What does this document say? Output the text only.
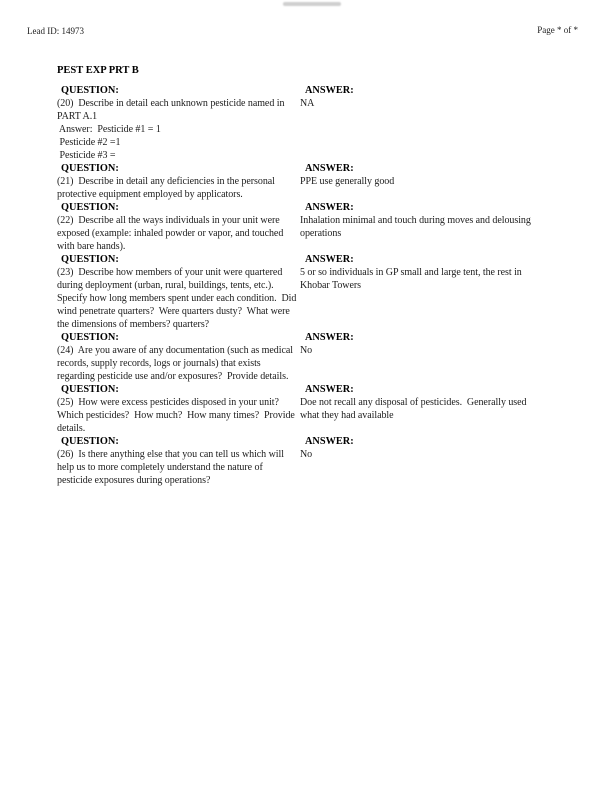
Lead ID: 14973	Page * of *
PEST EXP PRT B
QUESTION:
(20)  Describe in detail each unknown pesticide named in
PART A.1
Answer:  Pesticide #1 = 1
Pesticide #2 =1
Pesticide #3 =
ANSWER:
NA
QUESTION:
(21)  Describe in detail any deficiencies in the personal
protective equipment employed by applicators.
ANSWER:
PPE use generally good
QUESTION:
(22)  Describe all the ways individuals in your unit were
exposed (example: inhaled powder or vapor, and touched
with bare hands).
ANSWER:
Inhalation minimal and touch during moves and delousing
operations
QUESTION:
(23)  Describe how members of your unit were quartered
during deployment (urban, rural, buildings, tents, etc.).
Specify how long members spent under each condition.  Did
wind penetrate quarters?  Were quarters dusty?  What were
the dimensions of members? quarters?
ANSWER:
5 or so individuals in GP small and large tent, the rest in
Khobar Towers
QUESTION:
(24)  Are you aware of any documentation (such as medical
records, supply records, logs or journals) that exists
regarding pesticide use and/or exposures?  Provide details.
ANSWER:
No
QUESTION:
(25)  How were excess pesticides disposed in your unit?
Which pesticides?  How much?  How many times?  Provide
details.
ANSWER:
Doe not recall any disposal of pesticides.  Generally used
what they had available
QUESTION:
(26)  Is there anything else that you can tell us which will
help us to more completely understand the nature of
pesticide exposures during operations?
ANSWER:
No
